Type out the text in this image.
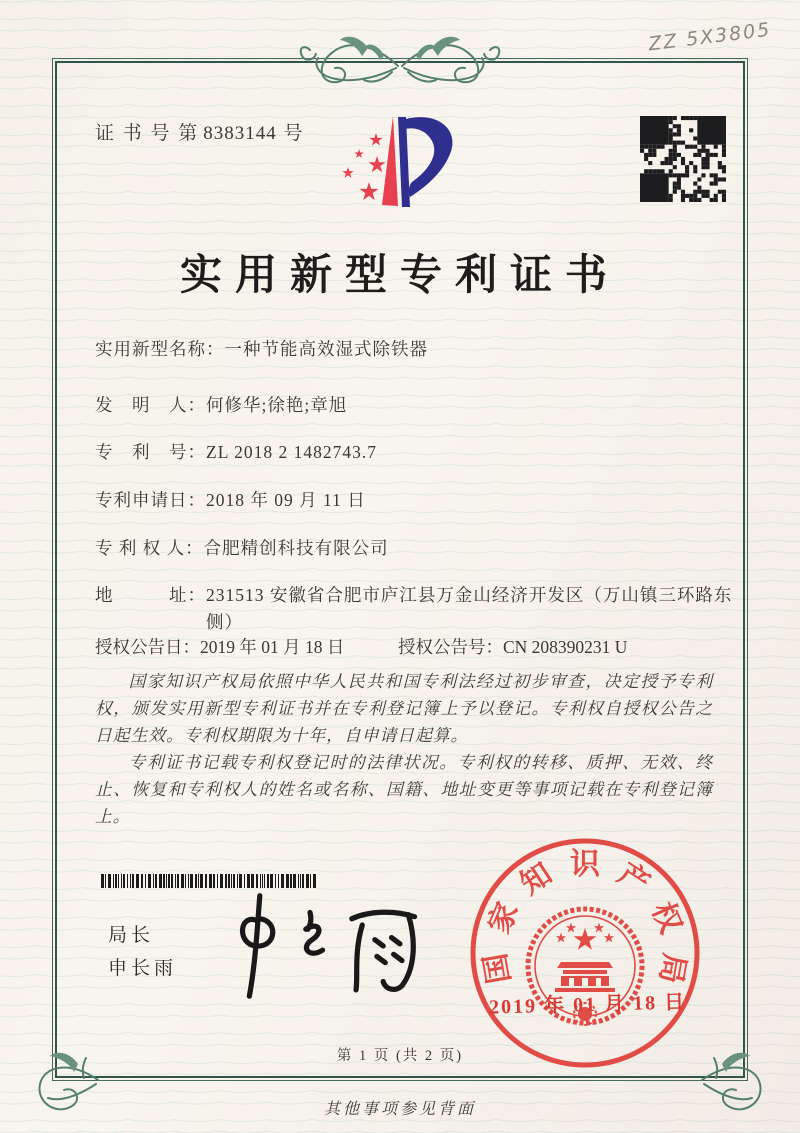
ZZ 5X3805
证 书 号 第 8383144 号
实用新型专利证书
实用新型名称： 一种节能高效湿式除铁器
发　明　人： 何修华;徐艳;章旭
专　利　号： ZL 2018 2 1482743.7
专利申请日： 2018 年 09 月 11 日
专 利 权 人： 合肥精创科技有限公司
地　　　址： 231513 安徽省合肥市庐江县万金山经济开发区（万山镇三环路东侧）
授权公告日：2019 年 01 月 18 日	授权公告号：CN 208390231 U

国家知识产权局依照中华人民共和国专利法经过初步审查，决定授予专利权，颁发实用新型专利证书并在专利登记簿上予以登记。专利权自授权公告之日起生效。专利权期限为十年，自申请日起算。

专利证书记载专利权登记时的法律状况。专利权的转移、质押、无效、终止、恢复和专利权人的姓名或名称、国籍、地址变更等事项记载在专利登记簿上。

局长
申长雨	国
家
知 识 产
权
局
2019 年 01 月 18 日
第 1 页 (共 2 页)
其他事项参见背面
